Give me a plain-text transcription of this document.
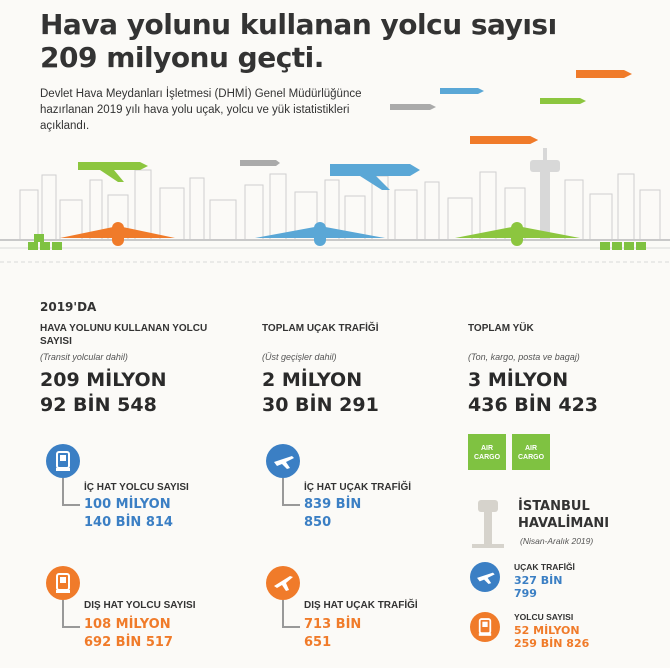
Hava yolunu kullanan yolcu sayısı
209 milyonu geçti.
Devlet Hava Meydanları İşletmesi (DHMİ) Genel Müdürlüğünce hazırlanan 2019 yılı hava yolu uçak, yolcu ve yük istatistikleri açıklandı.
2019'DA
HAVA YOLUNU KULLANAN YOLCU SAYISI
(Transit yolcular dahil)
209 MİLYON
92 BİN 548
TOPLAM UÇAK TRAFİĞİ
(Üst geçişler dahil)
2 MİLYON
30 BİN 291
TOPLAM YÜK
(Ton, kargo, posta ve bagaj)
3 MİLYON
436 BİN 423
AIR CARGO
AIR CARGO
İÇ HAT YOLCU SAYISI
100 MİLYON
140 BİN 814
İÇ HAT UÇAK TRAFİĞİ
839 BİN
850
DIŞ HAT YOLCU SAYISI
108 MİLYON
692 BİN 517
DIŞ HAT UÇAK TRAFİĞİ
713 BİN
651
İSTANBUL
HAVALİMANI
(Nisan-Aralık 2019)
UÇAK TRAFİĞİ
327 BİN
799
YOLCU SAYISI
52 MİLYON
259 BİN 826
